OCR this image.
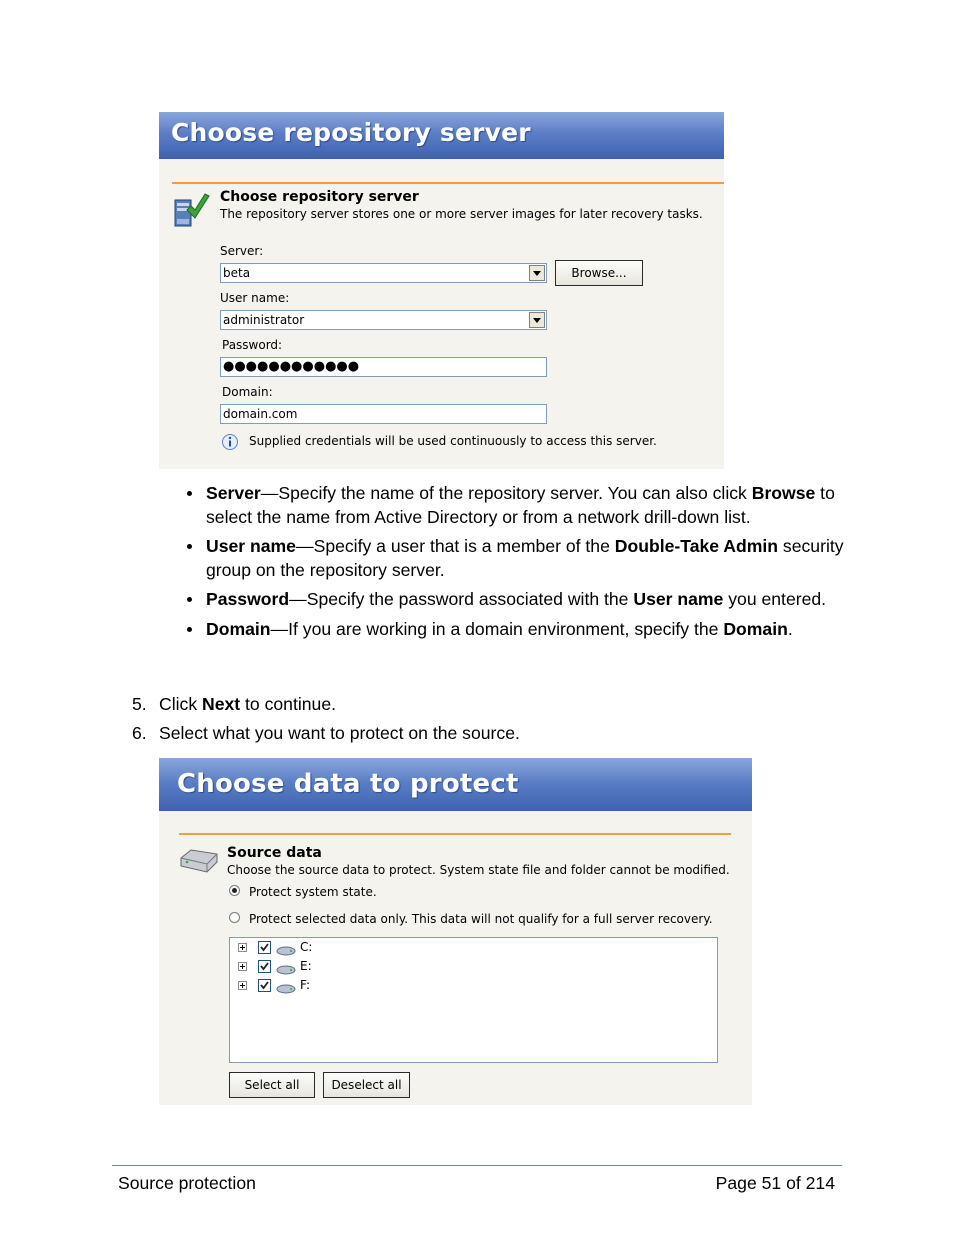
Choose repository server
Choose repository server
The repository server stores one or more server images for later recovery tasks.
Server:
beta	Browse...
User name:
administrator
Password:
●●●●●●●●●●●●
Domain:
domain.com
Supplied credentials will be used continuously to access this server.
Server—Specify the name of the repository server. You can also click Browse to select the name from Active Directory or from a network drill-down list.
User name—Specify a user that is a member of the Double-Take Admin security group on the repository server.
Password—Specify the password associated with the User name you entered.
Domain—If you are working in a domain environment, specify the Domain.
5. Click Next to continue.
6. Select what you want to protect on the source.
Choose data to protect
Source data
Choose the source data to protect. System state file and folder cannot be modified.
Protect system state.
Protect selected data only. This data will not qualify for a full server recovery.
C:
E:
F:
Select all	Deselect all
Source protection	Page 51 of 214
